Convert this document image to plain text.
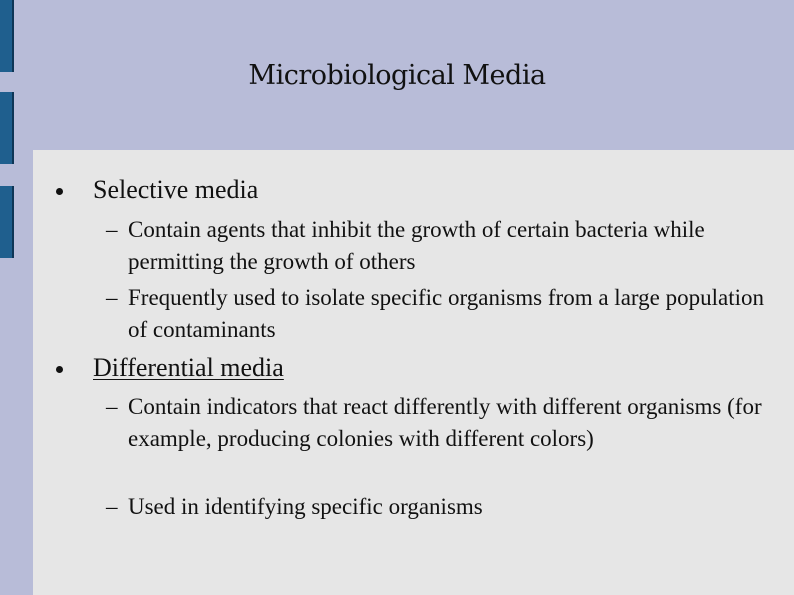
Microbiological Media
Selective media
– Contain agents that inhibit the growth of certain bacteria while permitting the growth of others
– Frequently used to isolate specific organisms from a large population of contaminants
Differential media
– Contain indicators that react differently with different organisms (for example, producing colonies with different colors)
– Used in identifying specific organisms
